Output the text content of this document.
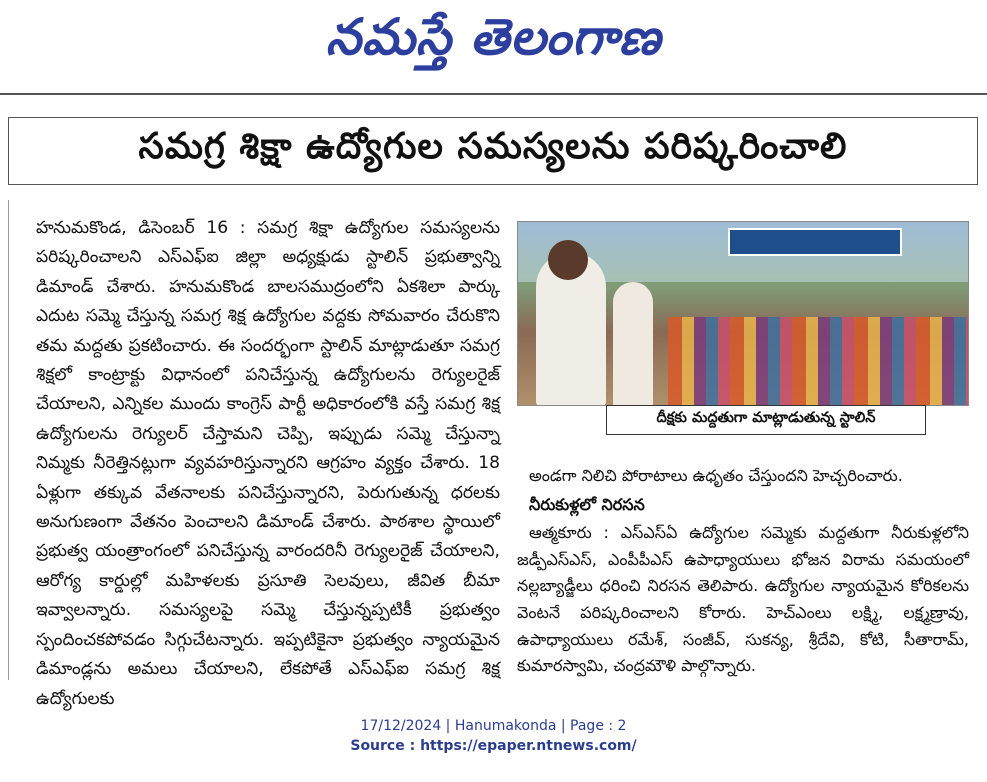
నమస్తే తెలంగాణ
సమగ్ర శిక్షా ఉద్యోగుల సమస్యలను పరిష్కరించాలి

హనుమకొండ, డిసెంబర్ 16 : సమగ్ర శిక్షా ఉద్యోగుల సమస్యలను పరిష్కరించాలని ఎస్ఎఫ్ఐ జిల్లా అధ్యక్షుడు స్టాలిన్ ప్రభుత్వాన్ని డిమాండ్ చేశారు. హనుమకొండ బాలసముద్రంలోని ఏకశిలా పార్కు ఎదుట సమ్మె చేస్తున్న సమగ్ర శిక్ష ఉద్యోగుల వద్దకు సోమవారం చేరుకొని తమ మద్దతు ప్రకటించారు. ఈ సందర్భంగా స్టాలిన్ మాట్లాడుతూ సమగ్ర శిక్షలో కాంట్రాక్టు విధానంలో పనిచేస్తున్న ఉద్యోగులను రెగ్యులరైజ్ చేయాలని, ఎన్నికల ముందు కాంగ్రెస్ పార్టీ అధికారంలోకి వస్తే సమగ్ర శిక్ష ఉద్యోగులను రెగ్యులర్ చేస్తామని చెప్పి, ఇప్పుడు సమ్మె చేస్తున్నా నిమ్మకు నీరెత్తినట్లుగా వ్యవహరిస్తున్నారని ఆగ్రహం వ్యక్తం చేశారు. 18 ఏళ్లుగా తక్కువ వేతనాలకు పనిచేస్తున్నారని, పెరుగుతున్న ధరలకు అనుగుణంగా వేతనం పెంచాలని డిమాండ్ చేశారు. పాఠశాల స్థాయిలో ప్రభుత్వ యంత్రాంగంలో పనిచేస్తున్న వారందరినీ రెగ్యులరైజ్ చేయాలని, ఆరోగ్య కార్డుల్లో మహిళలకు ప్రసూతి సెలవులు, జీవిత బీమా ఇవ్వాలన్నారు. సమస్యలపై సమ్మె చేస్తున్నప్పటికీ ప్రభుత్వం స్పందించకపోవడం సిగ్గుచేటన్నారు. ఇప్పటికైనా ప్రభుత్వం న్యాయమైన డిమాండ్లను అమలు చేయాలని, లేకపోతే ఎస్ఎఫ్ఐ సమగ్ర శిక్ష ఉద్యోగులకు

దీక్షకు మద్దతుగా మాట్లాడుతున్న స్టాలిన్

అండగా నిలిచి పోరాటాలు ఉధృతం చేస్తుందని హెచ్చరించారు.

నీరుకుళ్లలో నిరసన

ఆత్మకూరు : ఎస్ఎస్ఏ ఉద్యోగుల సమ్మెకు మద్దతుగా నీరుకుళ్లలోని జడ్పీఎస్ఎస్, ఎంపీపీఎస్ ఉపాధ్యాయులు భోజన విరామ సమయంలో నల్లబ్యాడ్జీలు ధరించి నిరసన తెలిపారు. ఉద్యోగుల న్యాయమైన కోరికలను వెంటనే పరిష్కరించాలని కోరారు. హెచ్ఎంలు లక్ష్మి, లక్ష్మణ్రావు, ఉపాధ్యాయులు రమేశ్, సంజీవ్, సుకన్య, శ్రీదేవి, కోటి, సీతారామ్, కుమారస్వామి, చంద్రమౌళి పాల్గొన్నారు.

17/12/2024 | Hanumakonda | Page : 2
Source : https://epaper.ntnews.com/
